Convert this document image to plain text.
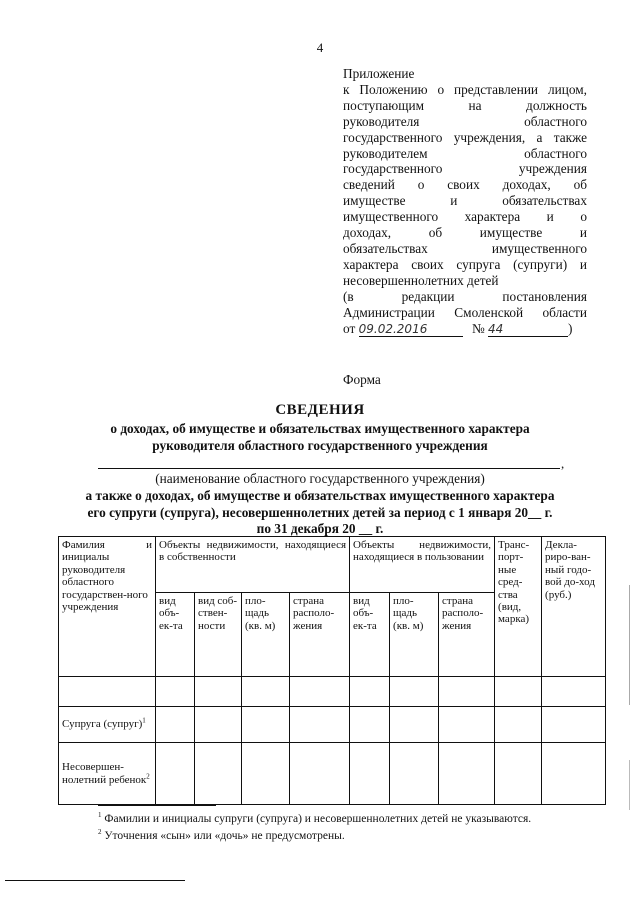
4

Приложение

к Положению о представлении лицом,

поступающим на должность

руководителя областного

государственного учреждения, а также

руководителем областного

государственного учреждения

сведений о своих доходах, об

имуществе и обязательствах

имущественного характера и о

доходах, об имуществе и

обязательствах имущественного

характера своих супруга (супруги) и

несовершеннолетних детей

(в редакции постановления

Администрации Смоленской области

от 09.02.2016	№ 44	)

Форма
СВЕДЕНИЯ
о доходах, об имуществе и обязательствах имущественного характера
руководителя областного государственного учреждения
,
(наименование областного государственного учреждения)
а также о доходах, об имуществе и обязательствах имущественного характера
его супруги (супруга), несовершеннолетних детей за период с 1 января 20__ г.
по 31 декабря 20 __ г.
Фамилия и инициалы руководителя областного государствен-ного учреждения	Объекты недвижимости, находящиеся в собственности				Объекты недвижимости, находящиеся в пользовании			Транс-порт-ные сред-ства (вид, марка)	Декла-риро-ван-ный годо-вой до-ход (руб.)
	вид объ-ек-та	вид соб-ствен-ности	пло-щадь (кв. м)	страна располо-жения	вид объ-ек-та	пло-щадь (кв. м)	страна располо-жения		

Супруга (супруг)$^1$									
Несовершен-нолетний ребенок$^2$									
$^1$ Фамилии и инициалы супруги (супруга) и несовершеннолетних детей не указываются.
$^2$ Уточнения «сын» или «дочь» не предусмотрены.
